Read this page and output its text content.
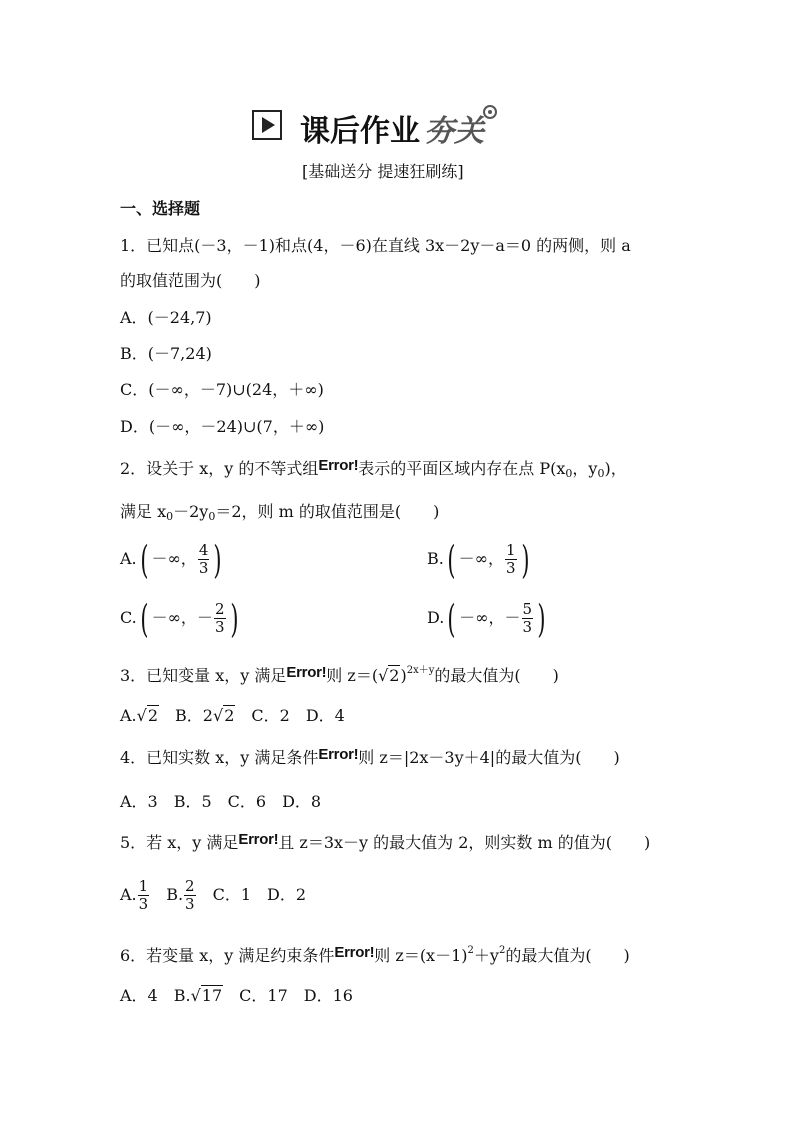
课后作业 夯关
[基础送分 提速狂刷练]
一、选择题
1．已知点(－3，－1)和点(4，－6)在直线 3x－2y－a＝0 的两侧，则 a
的取值范围为(　　)
A．(－24,7)
B．(－7,24)
C．(－∞，－7)∪(24，＋∞)
D．(－∞，－24)∪(7，＋∞)
2．设关于 x，y 的不等式组Error!表示的平面区域内存在点 $P(x_0$，$y_0$)，
满足 $x_0-2y_0=2$，则 m 的取值范围是(　　)
A.( －∞， $\frac{4}{3}$ )	B.( －∞， $\frac{1}{3}$ )
C.( －∞，－ $\frac{2}{3}$ )	D.( －∞，－ $\frac{5}{3}$ )
3．已知变量 x，y 满足Error!则 $z=(√2)^{2x+y}$的最大值为(　　)
A.√2　 B．2√2　 C．2　D．4
4．已知实数 x，y 满足条件Error!则 z＝|2x－3y＋4|的最大值为(　　)
A．3　B．5　C．6　D．8
5．若 x，y 满足Error!且 z＝3x－y 的最大值为 2，则实数 m 的值为(　　)
A. $\frac{1}{3}$
　 B. $\frac{2}{3}$
　 C．1　D．2
6．若变量 x，y 满足约束条件Error!则 $z=(x-1)^2+y^2$的最大值为(　　)
A．4　B.√17　 C．17　D．16
